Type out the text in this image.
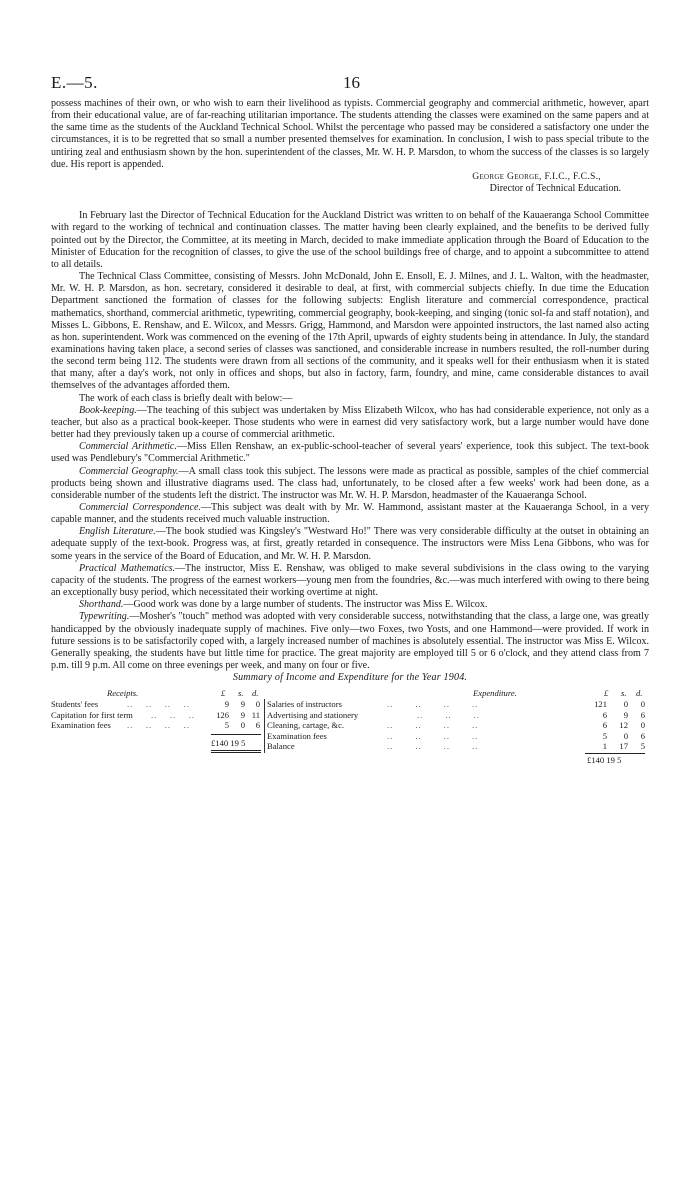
E.—5.	16

possess machines of their own, or who wish to earn their livelihood as typists. Commercial geography and commercial arithmetic, however, apart from their educational value, are of far-reaching utilitarian importance. The students attending the classes were examined on the same papers and at the same time as the students of the Auckland Technical School. Whilst the percentage who passed may be considered a satisfactory one under the circumstances, it is to be regretted that so small a number presented themselves for examination. In conclusion, I wish to pass special tribute to the untiring zeal and enthusiasm shown by the hon. superintendent of the classes, Mr. W. H. P. Marsdon, to whom the success of the classes is so largely due. His report is appended.

George George, F.I.C., F.C.S.,

Director of Technical Education.

In February last the Director of Technical Education for the Auckland District was written to on behalf of the Kauaeranga School Committee with regard to the working of technical and continuation classes. The matter having been clearly explained, and the benefits to be derived fully pointed out by the Director, the Committee, at its meeting in March, decided to make immediate application through the Board of Education to the Minister of Education for the recognition of classes, to give the use of the school buildings free of charge, and to appoint a subcommittee to attend to all details.

The Technical Class Committee, consisting of Messrs. John McDonald, John E. Ensoll, E. J. Milnes, and J. L. Walton, with the headmaster, Mr. W. H. P. Marsdon, as hon. secretary, considered it desirable to deal, at first, with commercial subjects chiefly. In due time the Education Department sanctioned the formation of classes for the following subjects: English literature and commercial correspondence, practical mathematics, shorthand, commercial arithmetic, typewriting, commercial geography, book-keeping, and singing (tonic sol-fa and staff notation), and Misses L. Gibbons, E. Renshaw, and E. Wilcox, and Messrs. Grigg, Hammond, and Marsdon were appointed instructors, the last named also acting as hon. superintendent. Work was commenced on the evening of the 17th April, upwards of eighty students being in attendance. In July, the standard examinations having taken place, a second series of classes was sanctioned, and considerable increase in numbers resulted, the roll-number during the second term being 112. The students were drawn from all sections of the community, and it speaks well for their enthusiasm when it is stated that many, after a day's work, not only in offices and shops, but also in factory, farm, foundry, and mine, came considerable distances to avail themselves of the advantages afforded them.

The work of each class is briefly dealt with below:—

Book-keeping.—The teaching of this subject was undertaken by Miss Elizabeth Wilcox, who has had considerable experience, not only as a teacher, but also as a practical book-keeper. Those students who were in earnest did very satisfactory work, but a large number would have done better had they previously taken up a course of commercial arithmetic.

Commercial Arithmetic.—Miss Ellen Renshaw, an ex-public-school-teacher of several years' experience, took this subject. The text-book used was Pendlebury's "Commercial Arithmetic."

Commercial Geography.—A small class took this subject. The lessons were made as practical as possible, samples of the chief commercial products being shown and illustrative diagrams used. The class had, unfortunately, to be closed after a few weeks' work had been done, as a considerable number of the students left the district. The instructor was Mr. W. H. P. Marsdon, headmaster of the Kauaeranga School.

Commercial Correspondence.—This subject was dealt with by Mr. W. Hammond, assistant master at the Kauaeranga School, in a very capable manner, and the students received much valuable instruction.

English Literature.—The book studied was Kingsley's "Westward Ho!" There was very considerable difficulty at the outset in obtaining an adequate supply of the text-book. Progress was, at first, greatly retarded in consequence. The instructors were Miss Lena Gibbons, who was for some years in the service of the Board of Education, and Mr. W. H. P. Marsdon.

Practical Mathematics.—The instructor, Miss E. Renshaw, was obliged to make several subdivisions in the class owing to the varying capacity of the students. The progress of the earnest workers—young men from the foundries, &c.—was much interfered with owing to there being an exceptionally busy period, which necessitated their working overtime at night.

Shorthand.—Good work was done by a large number of students. The instructor was Miss E. Wilcox.

Typewriting.—Mosher's "touch" method was adopted with very considerable success, notwithstanding that the class, a large one, was greatly handicapped by the obviously inadequate supply of machines. Five only—two Foxes, two Yosts, and one Hammond—were provided. If work in future sessions is to be satisfactorily coped with, a largely increased number of machines is absolutely essential. The instructor was Miss E. Wilcox. Generally speaking, the students have but little time for practice. The great majority are employed till 5 or 6 o'clock, and they attend class from 7 p.m. till 9 p.m. All come on three evenings per week, and many on four or five.

Summary of Income and Expenditure for the Year 1904.

Receipts.	£ s. d.
Students' fees	..    ..    ..    ..	9	9	0
Capitation for first term ..    ..    ..	126	9 11
Examination fees ..    ..    ..    ..	5	0	6
£140 19 5
Expenditure.	£ s. d.
Salaries of instructors	..       ..       ..       ..	121	0	0
Advertising and stationery	..       ..       ..	6	9	6
Cleaning, cartage, &c.	..       ..       ..       ..	6	12	0
Examination fees	..       ..       ..       ..	5	0	6
Balance	..       ..       ..       ..	1	17	5
£140 19 5
